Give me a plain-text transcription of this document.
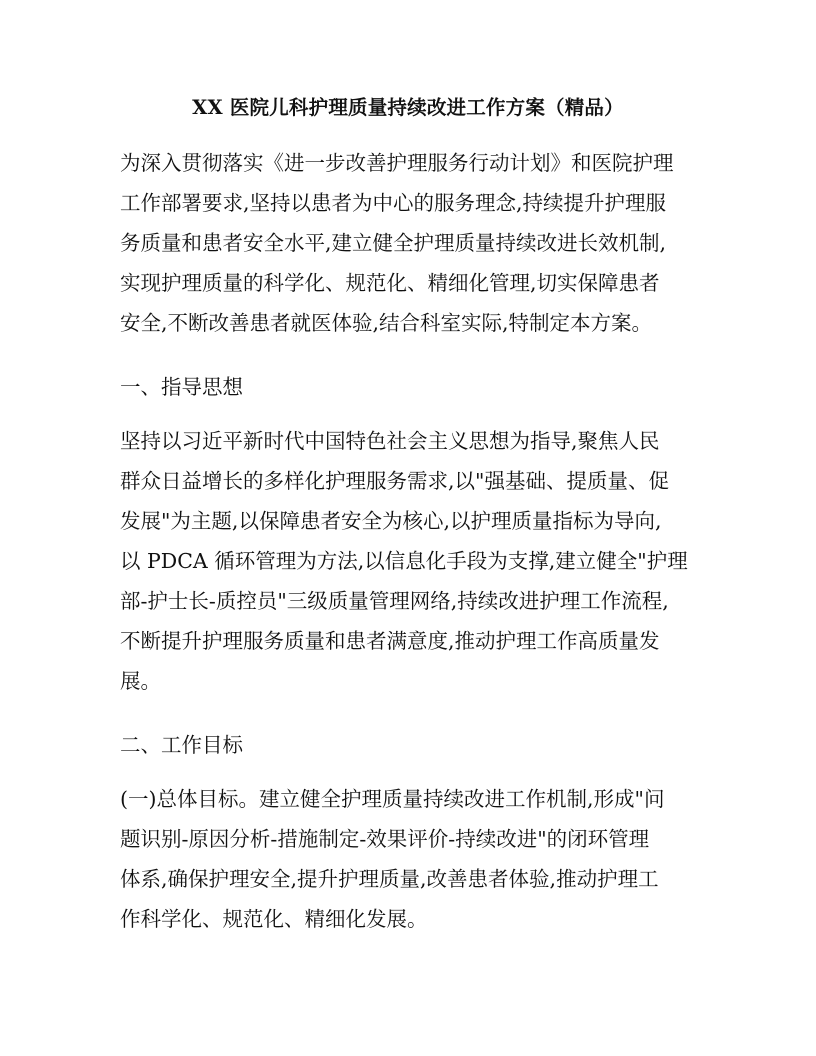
XX 医院儿科护理质量持续改进工作方案（精品）
为深入贯彻落实《进一步改善护理服务行动计划》和医院护理
工作部署要求,坚持以患者为中心的服务理念,持续提升护理服
务质量和患者安全水平,建立健全护理质量持续改进长效机制,
实现护理质量的科学化、规范化、精细化管理,切实保障患者
安全,不断改善患者就医体验,结合科室实际,特制定本方案。
一、指导思想
坚持以习近平新时代中国特色社会主义思想为指导,聚焦人民
群众日益增长的多样化护理服务需求,以"强基础、提质量、促
发展"为主题,以保障患者安全为核心,以护理质量指标为导向,
以 PDCA 循环管理为方法,以信息化手段为支撑,建立健全"护理
部-护士长-质控员"三级质量管理网络,持续改进护理工作流程,
不断提升护理服务质量和患者满意度,推动护理工作高质量发
展。
二、工作目标
(一)总体目标。建立健全护理质量持续改进工作机制,形成"问
题识别-原因分析-措施制定-效果评价-持续改进"的闭环管理
体系,确保护理安全,提升护理质量,改善患者体验,推动护理工
作科学化、规范化、精细化发展。
